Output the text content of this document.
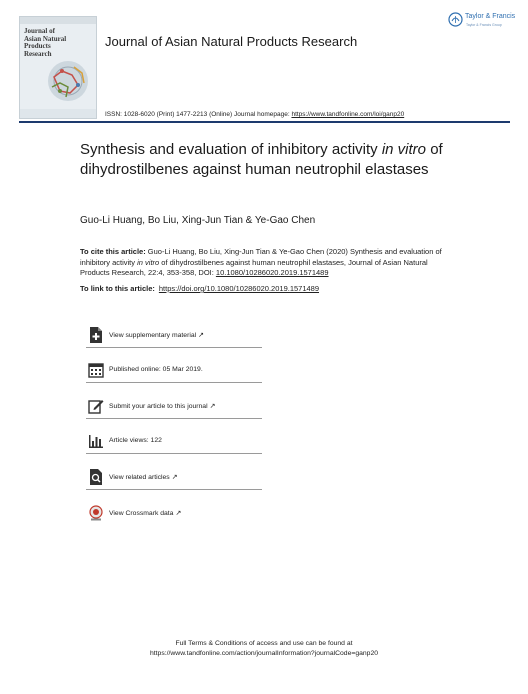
Journal of Asian Natural Products Research
Journal of Asian Natural Products Research
Taylor & Francis
Taylor & Francis Group
ISSN: 1028-6020 (Print) 1477-2213 (Online) Journal homepage: https://www.tandfonline.com/loi/ganp20
Synthesis and evaluation of inhibitory activity in vitro of dihydrostilbenes against human neutrophil elastases
Guo-Li Huang, Bo Liu, Xing-Jun Tian & Ye-Gao Chen
To cite this article: Guo-Li Huang, Bo Liu, Xing-Jun Tian & Ye-Gao Chen (2020) Synthesis and evaluation of inhibitory activity in vitro of dihydrostilbenes against human neutrophil elastases, Journal of Asian Natural Products Research, 22:4, 353-358, DOI: 10.1080/10286020.2019.1571489
To link to this article: https://doi.org/10.1080/10286020.2019.1571489
View supplementary material ↗
Published online: 05 Mar 2019.
Submit your article to this journal ↗
Article views: 122
View related articles ↗
View Crossmark data ↗
Full Terms & Conditions of access and use can be found at
https://www.tandfonline.com/action/journalInformation?journalCode=ganp20
